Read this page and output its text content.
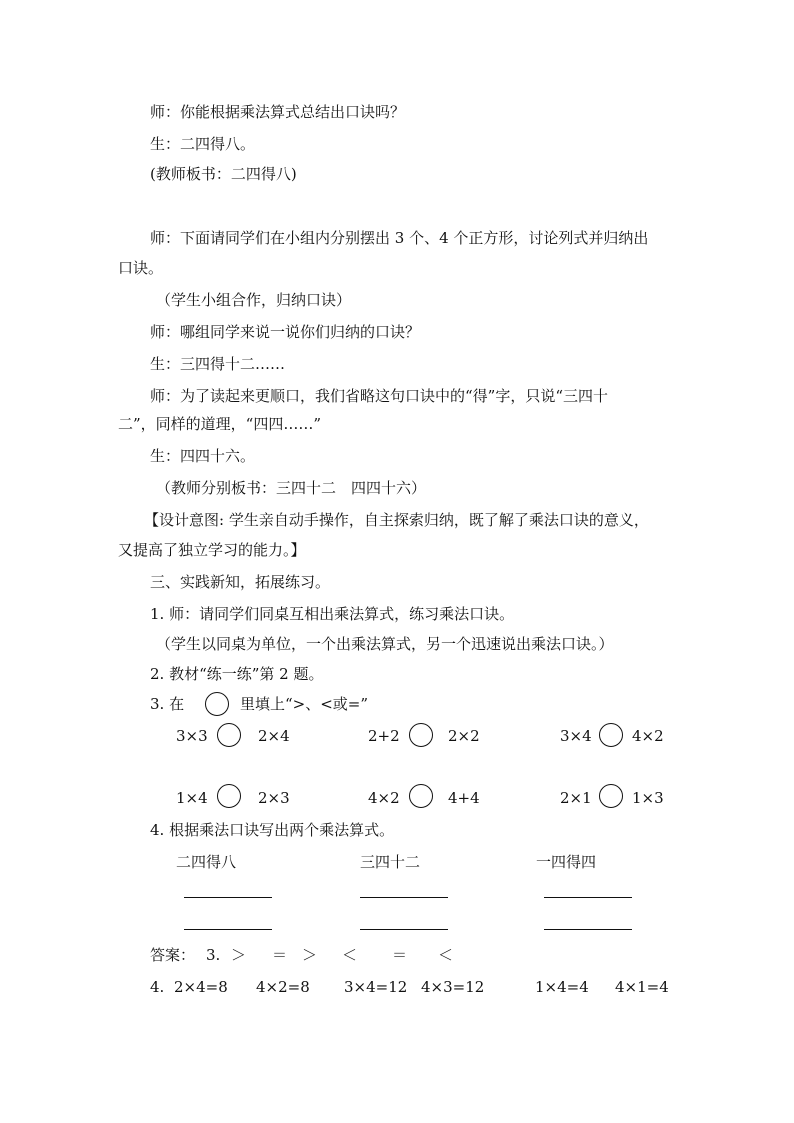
师：你能根据乘法算式总结出口诀吗？
生：二四得八。
(教师板书：二四得八)
师：下面请同学们在小组内分别摆出 3 个、4 个正方形，讨论列式并归纳出
口诀。
（学生小组合作，归纳口诀）
师：哪组同学来说一说你们归纳的口诀？
生：三四得十二……
师：为了读起来更顺口，我们省略这句口诀中的“得”字，只说“三四十
二”，同样的道理，“四四……”
生：四四十六。
（教师分别板书：三四十二　四四十六）
【设计意图: 学生亲自动手操作，自主探索归纳，既了解了乘法口诀的意义，
又提高了独立学习的能力。】
三、实践新知，拓展练习。
1. 师：请同学们同桌互相出乘法算式，练习乘法口诀。
（学生以同桌为单位，一个出乘法算式，另一个迅速说出乘法口诀。）
2. 教材“练一练”第 2 题。
3. 在	里填上“>、<或=”
3×3	2×4	2+2	2×2	3×4	4×2
1×4	2×3	4×2	4+4	2×1	1×3
4. 根据乘法口诀写出两个乘法算式。
二四得八	三四十二	一四得四
答案： 3. ＞ ＝ ＞ ＜ ＝ ＜
4. 2×4=8 4×2=8 3×4=12 4×3=12	1×4=4 4×1=4
